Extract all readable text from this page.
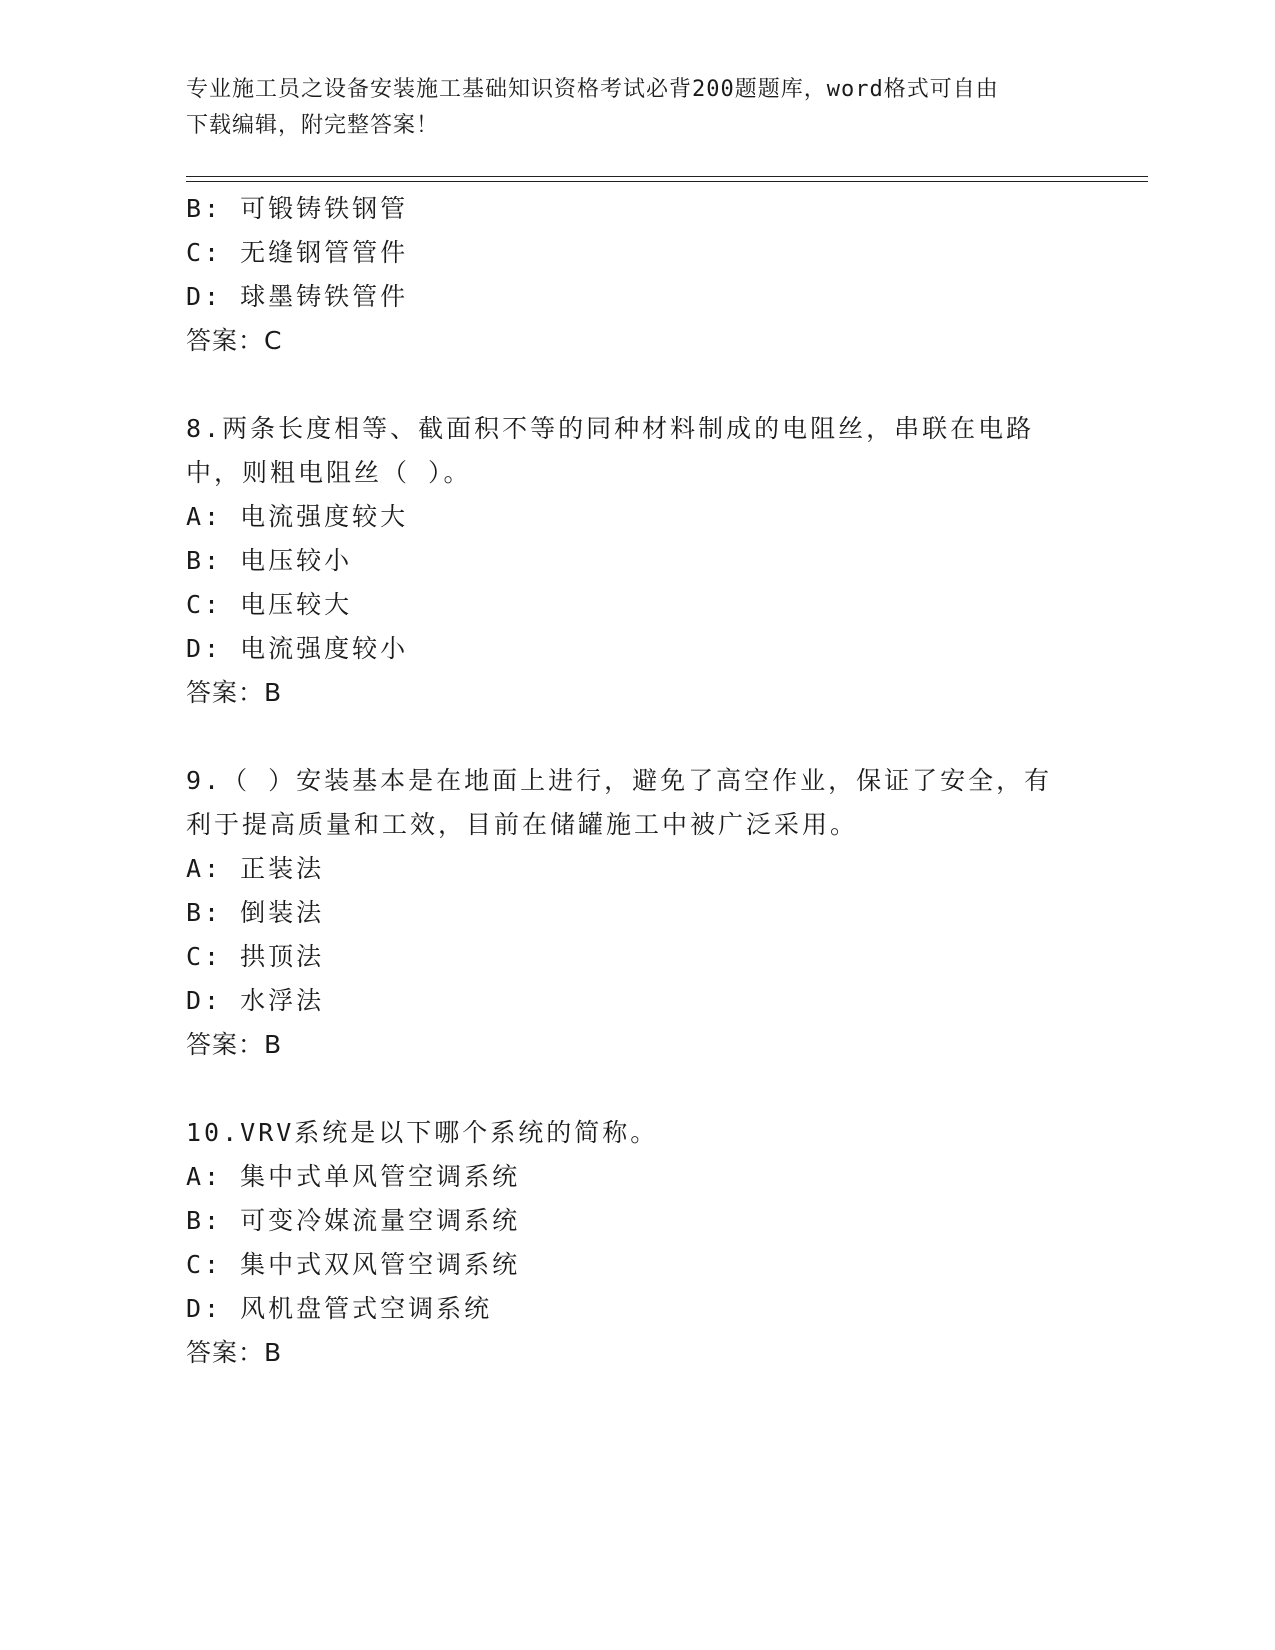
专业施工员之设备安装施工基础知识资格考试必背200题题库，word格式可自由
下载编辑，附完整答案！
B: 可锻铸铁钢管
C: 无缝钢管管件
D: 球墨铸铁管件
答案：C
8.两条长度相等、截面积不等的同种材料制成的电阻丝，串联在电路
中，则粗电阻丝（ ）。
A: 电流强度较大
B: 电压较小
C: 电压较大
D: 电流强度较小
答案：B
9.（ ）安装基本是在地面上进行，避免了高空作业，保证了安全，有
利于提高质量和工效，目前在储罐施工中被广泛采用。
A: 正装法
B: 倒装法
C: 拱顶法
D: 水浮法
答案：B
10.VRV系统是以下哪个系统的简称。
A: 集中式单风管空调系统
B: 可变冷媒流量空调系统
C: 集中式双风管空调系统
D: 风机盘管式空调系统
答案：B
